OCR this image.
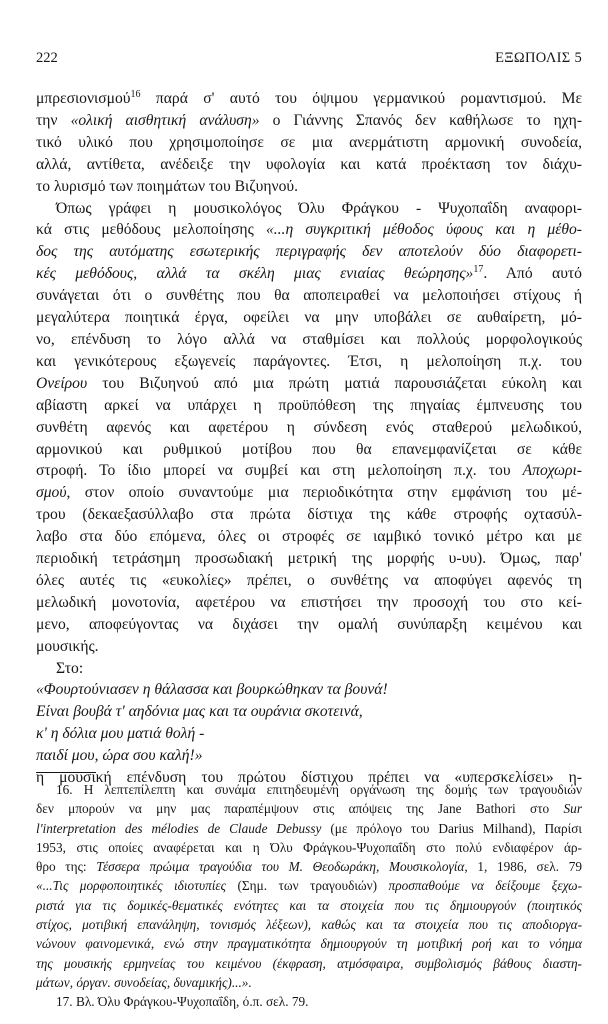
222	ΕΞΩΠΟΛΙΣ 5

μπρεσιονισμού$^{16}$ παρά σ' αυτό του όψιμου γερμανικού ρομαντισμού. Με

την «ολική αισθητική ανάλυση» ο Γιάννης Σπανός δεν καθήλωσε το ηχη-

τικό υλικό που χρησιμοποίησε σε μια ανερμάτιστη αρμονική συνοδεία,

αλλά, αντίθετα, ανέδειξε την υφολογία και κατά προέκταση τον διάχυ-

το λυρισμό των ποιημάτων του Βιζυηνού.

Όπως γράφει η μουσικολόγος Όλυ Φράγκου - Ψυχοπαΐδη αναφορι-

κά στις μεθόδους μελοποίησης «...η συγκριτική μέθοδος ύφους και η μέθο-

δος της αυτόματης εσωτερικής περιγραφής δεν αποτελούν δύο διαφορετι-

κές μεθόδους, αλλά τα σκέλη μιας ενιαίας θεώρησης»$^{17}$. Από αυτό

συνάγεται ότι ο συνθέτης που θα αποπειραθεί να μελοποιήσει στίχους ή

μεγαλύτερα ποιητικά έργα, οφείλει να μην υποβάλει σε αυθαίρετη, μό-

νο, επένδυση το λόγο αλλά να σταθμίσει και πολλούς μορφολογικούς

και γενικότερους εξωγενείς παράγοντες. Έτσι, η μελοποίηση π.χ. του

Ονείρου του Βιζυηνού από μια πρώτη ματιά παρουσιάζεται εύκολη και

αβίαστη αρκεί να υπάρχει η προϋπόθεση της πηγαίας έμπνευσης του

συνθέτη αφενός και αφετέρου η σύνδεση ενός σταθερού μελωδικού,

αρμονικού και ρυθμικού μοτίβου που θα επανεμφανίζεται σε κάθε

στροφή. Το ίδιο μπορεί να συμβεί και στη μελοποίηση π.χ. του Αποχωρι-

σμού, στον οποίο συναντούμε μια περιοδικότητα στην εμφάνιση του μέ-

τρου (δεκαεξασύλλαβο στα πρώτα δίστιχα της κάθε στροφής οχτασύλ-

λαβο στα δύο επόμενα, όλες οι στροφές σε ιαμβικό τονικό μέτρο και με

περιοδική τετράσημη προσωδιακή μετρική της μορφής υ-υυ). Όμως, παρ'

όλες αυτές τις «ευκολίες» πρέπει, ο συνθέτης να αποφύγει αφενός τη

μελωδική μονοτονία, αφετέρου να επιστήσει την προσοχή του στο κεί-

μενο, αποφεύγοντας να διχάσει την ομαλή συνύπαρξη κειμένου και

μουσικής.

Στο:

«Φουρτούνιασεν η θάλασσα και βουρκώθηκαν τα βουνά!

Είναι βουβά τ' αηδόνια μας και τα ουράνια σκοτεινά,

κ' η δόλια μου ματιά θολή -

παιδί μου, ώρα σου καλή!»

η μουσική επένδυση του πρώτου δίστιχου πρέπει να «υπερσκελίσει» η-

16. Η λεπτεπίλεπτη και συνάμα επιτηδευμένη οργάνωση της δομής των τραγουδιών

δεν μπορούν να μην μας παραπέμψουν στις απόψεις της Jane Bathori στο Sur

l'interpretation des mélodies de Claude Debussy (με πρόλογο του Darius Milhand), Παρίσι

1953, στις οποίες αναφέρεται και η Όλυ Φράγκου-Ψυχοπαΐδη στο πολύ ενδιαφέρον άρ-

θρο της: Τέσσερα πρώιμα τραγούδια του Μ. Θεοδωράκη, Μουσικολογία, 1, 1986, σελ. 79

«...Τις μορφοποιητικές ιδιοτυπίες (Σημ. των τραγουδιών) προσπαθούμε να δείξουμε ξεχω-

ριστά για τις δομικές-θεματικές ενότητες και τα στοιχεία που τις δημιουργούν (ποιητικός

στίχος, μοτιβική επανάληψη, τονισμός λέξεων), καθώς και τα στοιχεία που τις αποδιοργα-

νώνουν φαινομενικά, ενώ στην πραγματικότητα δημιουργούν τη μοτιβική ροή και το νόημα

της μουσικής ερμηνείας του κειμένου (έκφραση, ατμόσφαιρα, συμβολισμός βάθους διαστη-

μάτων, όργαν. συνοδείας, δυναμικής)...».

17. Βλ. Όλυ Φράγκου-Ψυχοπαΐδη, ό.π. σελ. 79.
